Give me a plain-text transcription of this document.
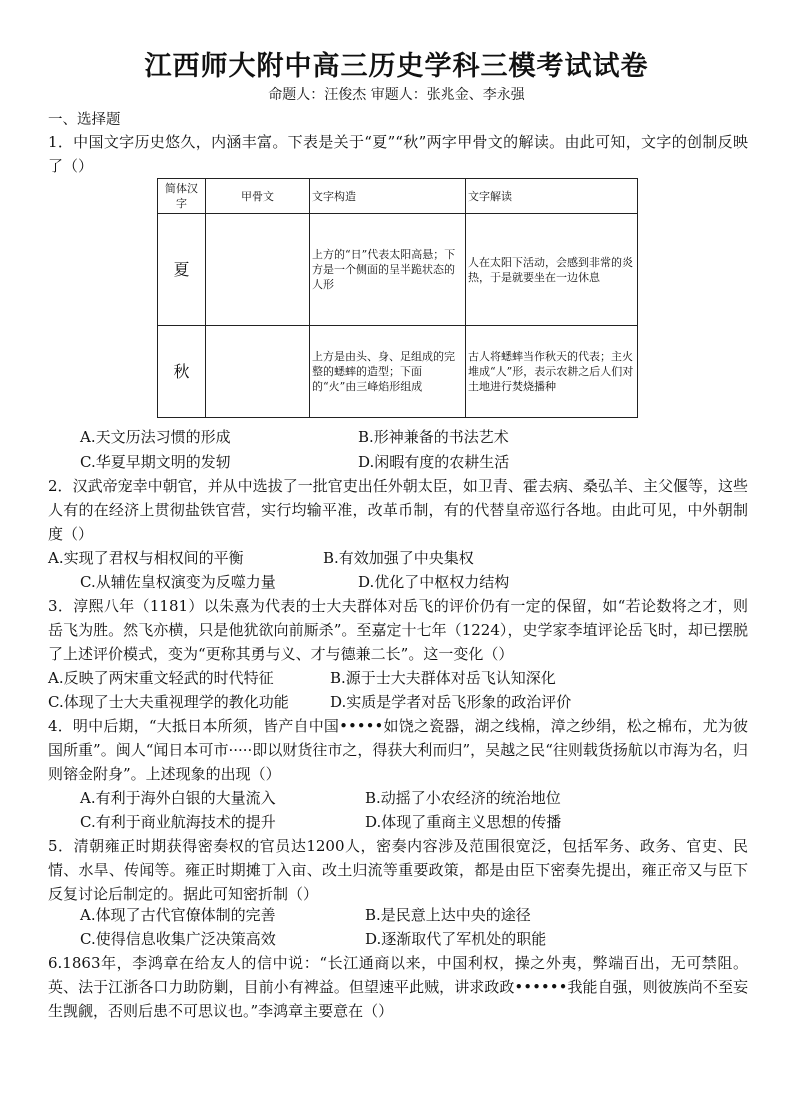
江西师大附中高三历史学科三模考试试卷
命题人：汪俊杰 审题人：张兆金、李永强
一、选择题
1．中国文字历史悠久，内涵丰富。下表是关于“夏”“秋”两字甲骨文的解读。由此可知，文字的创制反映了（）
简体汉字	甲骨文	文字构造	文字解读
夏		上方的“日”代表太阳高悬；下方是一个侧面的呈半跪状态的人形	人在太阳下活动，会感到非常的炎热，于是就要坐在一边休息
秋		上方是由头、身、足组成的完整的蟋蟀的造型；下面的“火”由三峰焰形组成	古人将蟋蟀当作秋天的代表；主火堆成“人”形，表示农耕之后人们对土地进行焚烧播种
A.天文历法习惯的形成	B.形神兼备的书法艺术
C.华夏早期文明的发轫	D.闲暇有度的农耕生活
2．汉武帝宠幸中朝官，并从中选拔了一批官吏出任外朝太臣，如卫青、霍去病、桑弘羊、主父偃等，这些人有的在经济上贯彻盐铁官营，实行均输平准，改革币制，有的代替皇帝巡行各地。由此可见，中外朝制度（）
A.实现了君权与相权间的平衡	B.有效加强了中央集权
C.从辅佐皇权演变为反噬力量	D.优化了中枢权力结构
3．淳熙八年（1181）以朱熹为代表的士大夫群体对岳飞的评价仍有一定的保留，如“若论数将之才，则岳飞为胜。然飞亦横，只是他犹欲向前厮杀”。至嘉定十七年（1224），史学家李埴评论岳飞时，却已摆脱了上述评价模式，变为“更称其勇与义、才与德兼二长”。这一变化（）
A.反映了两宋重文轻武的时代特征	B.源于士大夫群体对岳飞认知深化
C.体现了士大夫重视理学的教化功能	D.实质是学者对岳飞形象的政治评价
4．明中后期，“大抵日本所须，皆产自中国•••••如饶之瓷器，湖之线棉，漳之纱绢，松之棉布，尤为彼国所重”。闽人“闻日本可市·····即以财货往市之，得获大利而归”，吴越之民“往则载货扬航以市海为名，归则镕金附身”。上述现象的出现（）
A.有利于海外白银的大量流入	B.动摇了小农经济的统治地位
C.有利于商业航海技术的提升	D.体现了重商主义思想的传播
5．清朝雍正时期获得密奏权的官员达1200人，密奏内容涉及范围很宽泛，包括军务、政务、官吏、民情、水旱、传闻等。雍正时期摊丁入亩、改土归流等重要政策，都是由臣下密奏先提出，雍正帝又与臣下反复讨论后制定的。据此可知密折制（）
A.体现了古代官僚体制的完善	B.是民意上达中央的途径
C.使得信息收集广泛决策高效	D.逐渐取代了军机处的职能
6.1863年，李鸿章在给友人的信中说：“长江通商以来，中国利权，操之外夷，弊端百出，无可禁阻。英、法于江浙各口力助防剿，目前小有裨益。但望速平此贼，讲求政政••••••我能自强，则彼族尚不至妄生觊觎，否则后患不可思议也。”李鸿章主要意在（）
